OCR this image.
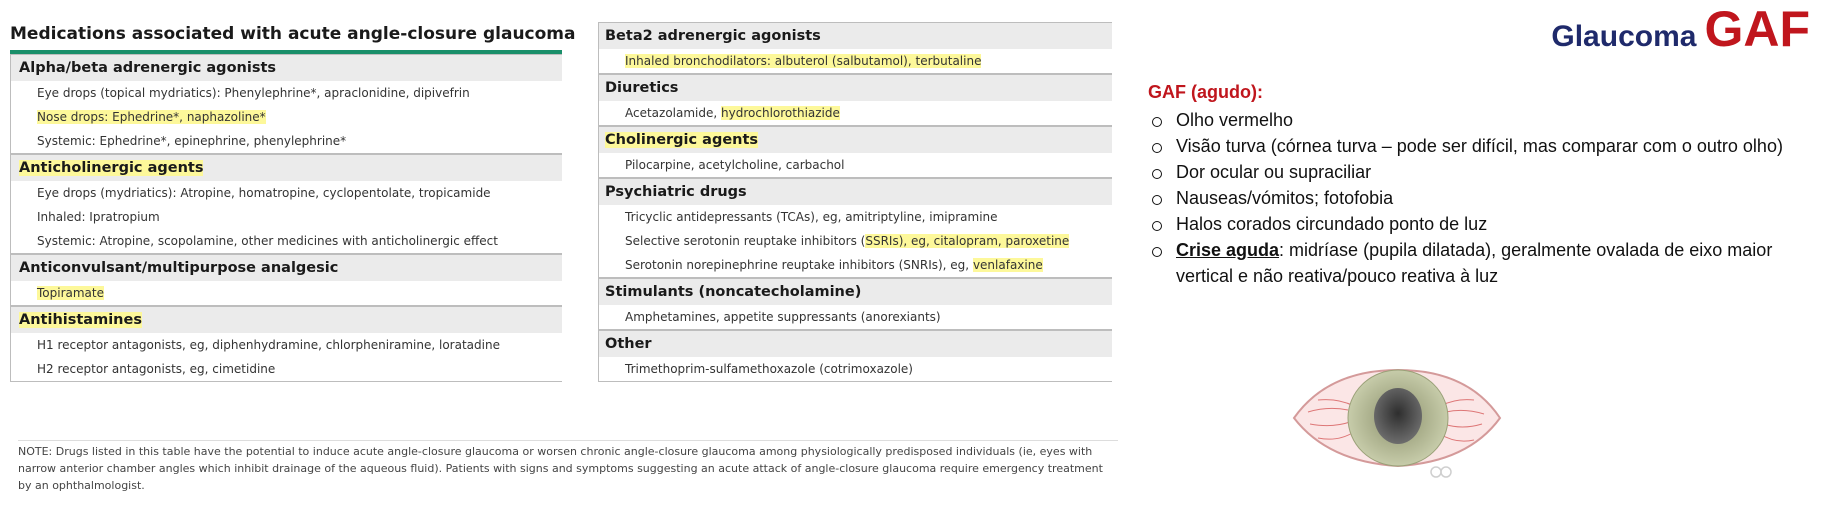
Medications associated with acute angle-closure glaucoma
Alpha/beta adrenergic agonists
Eye drops (topical mydriatics): Phenylephrine*, apraclonidine, dipivefrin
Nose drops: Ephedrine*, naphazoline*
Systemic: Ephedrine*, epinephrine, phenylephrine*
Anticholinergic agents
Eye drops (mydriatics): Atropine, homatropine, cyclopentolate, tropicamide
Inhaled: Ipratropium
Systemic: Atropine, scopolamine, other medicines with anticholinergic effect
Anticonvulsant/multipurpose analgesic
Topiramate
Antihistamines
H1 receptor antagonists, eg, diphenhydramine, chlorpheniramine, loratadine
H2 receptor antagonists, eg, cimetidine
Beta2 adrenergic agonists
Inhaled bronchodilators: albuterol (salbutamol), terbutaline
Diuretics
Acetazolamide, hydrochlorothiazide
Cholinergic agents
Pilocarpine, acetylcholine, carbachol
Psychiatric drugs
Tricyclic antidepressants (TCAs), eg, amitriptyline, imipramine
Selective serotonin reuptake inhibitors (SSRIs), eg, citalopram, paroxetine
Serotonin norepinephrine reuptake inhibitors (SNRIs), eg, venlafaxine
Stimulants (noncatecholamine)
Amphetamines, appetite suppressants (anorexiants)
Other
Trimethoprim-sulfamethoxazole (cotrimoxazole)
NOTE: Drugs listed in this table have the potential to induce acute angle-closure glaucoma or worsen chronic angle-closure glaucoma among physiologically predisposed individuals (ie, eyes with narrow anterior chamber angles which inhibit drainage of the aqueous fluid). Patients with signs and symptoms suggesting an acute attack of angle-closure glaucoma require emergency treatment by an ophthalmologist.
Glaucoma GAF
GAF (agudo):
Olho vermelho
Visão turva (córnea turva – pode ser difícil, mas comparar com o outro olho)
Dor ocular ou supraciliar
Nauseas/vómitos; fotofobia
Halos corados circundado ponto de luz
Crise aguda: midríase (pupila dilatada), geralmente ovalada de eixo maior vertical e não reativa/pouco reativa à luz
